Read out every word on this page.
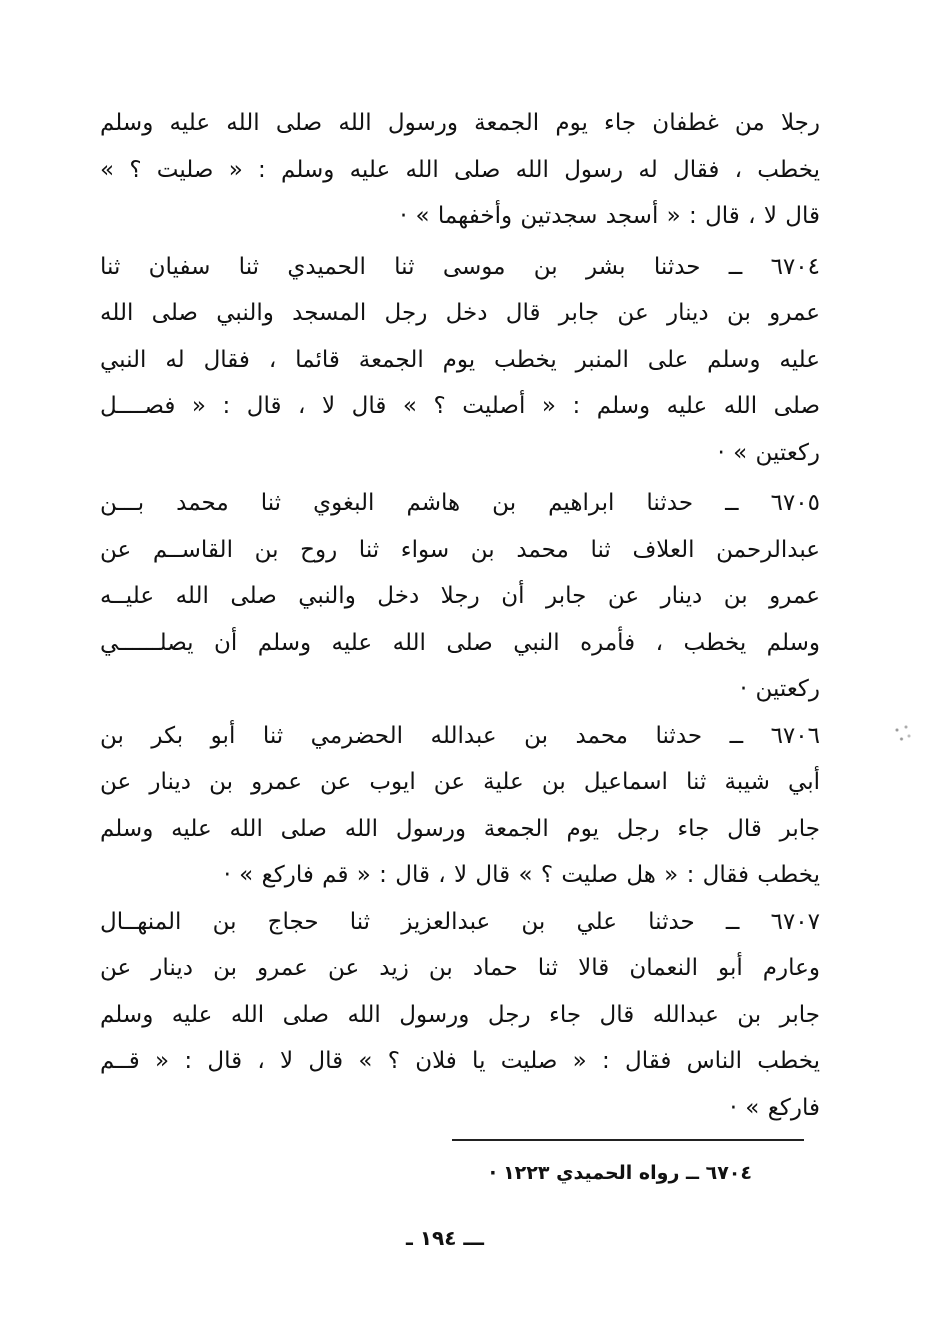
رجلا من غطفان جاء يوم الجمعة ورسول الله صلى الله عليه وسلم
يخطب ، فقال له رسول الله صلى الله عليه وسلم : « صليت ؟ »
قال لا ، قال : « أسجد سجدتين وأخفهما » ·
٦٧٠٤ ــ حدثنا بشر بن موسى ثنا الحميدي ثنا سفيان ثنا
عمرو بن دينار عن جابر قال دخل رجل المسجد والنبي صلى الله
عليه وسلم على المنبر يخطب يوم الجمعة قائما ، فقال له النبي
صلى الله عليه وسلم : « أصليت ؟ » قال لا ، قال : « فصــــل
ركعتين » ·
٦٧٠٥ ــ حدثنا ابراهيم بن هاشم البغوي ثنا محمد بـــن
عبدالرحمن العلاف ثنا محمد بن سواء ثنا روح بن القاســم عن
عمرو بن دينار عن جابر أن رجلا دخل والنبي صلى الله عليــه
وسلم يخطب ، فأمره النبي صلى الله عليه وسلم أن يصلــــــي
ركعتين ·
٦٧٠٦ ــ حدثنا محمد بن عبدالله الحضرمي ثنا أبو بكر بن
أبي شيبة ثنا اسماعيل بن علية عن ايوب عن عمرو بن دينار عن
جابر قال جاء رجل يوم الجمعة ورسول الله صلى الله عليه وسلم
يخطب فقال : « هل صليت ؟ » قال لا ، قال : « قم فاركع » ·
٦٧٠٧ ــ حدثنا علي بن عبدالعزيز ثنا حجاج بن المنهــال
وعارم أبو النعمان قالا ثنا حماد بن زيد عن عمرو بن دينار عن
جابر بن عبدالله قال جاء رجل ورسول الله صلى الله عليه وسلم
يخطب الناس فقال : « صليت يا فلان ؟ » قال لا ، قال : « قــم
فاركع » ·
٦٧٠٤ ــ رواه الحميدي ١٢٢٣ ·
ـــ ١٩٤ ـ
